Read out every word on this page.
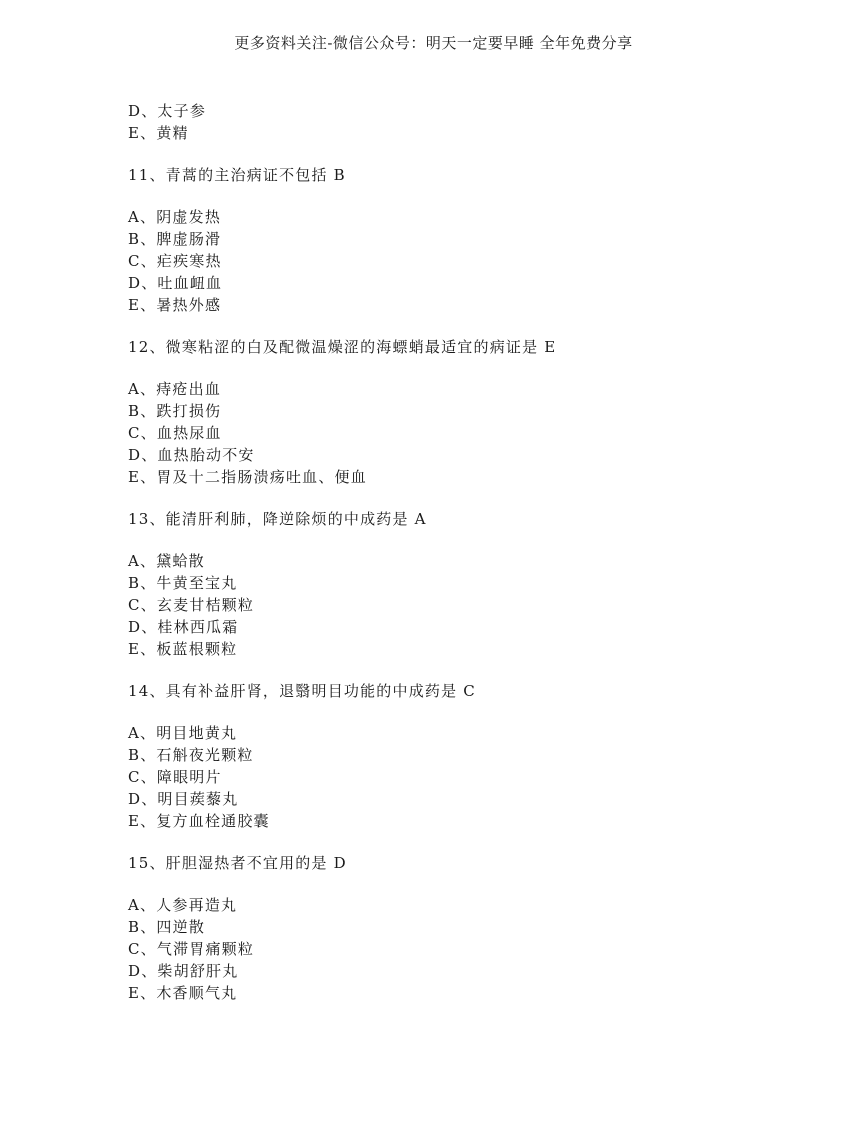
更多资料关注-微信公众号：明天一定要早睡 全年免费分享
D、太子参
E、黄精
11、青蒿的主治病证不包括 B
A、阴虚发热
B、脾虚肠滑
C、疟疾寒热
D、吐血衄血
E、暑热外感
12、微寒粘涩的白及配微温燥涩的海螵蛸最适宜的病证是 E
A、痔疮出血
B、跌打损伤
C、血热尿血
D、血热胎动不安
E、胃及十二指肠溃疡吐血、便血
13、能清肝利肺，降逆除烦的中成药是 A
A、黛蛤散
B、牛黄至宝丸
C、玄麦甘桔颗粒
D、桂林西瓜霜
E、板蓝根颗粒
14、具有补益肝肾，退翳明目功能的中成药是 C
A、明目地黄丸
B、石斛夜光颗粒
C、障眼明片
D、明目蒺藜丸
E、复方血栓通胶囊
15、肝胆湿热者不宜用的是 D
A、人参再造丸
B、四逆散
C、气滞胃痛颗粒
D、柴胡舒肝丸
E、木香顺气丸
